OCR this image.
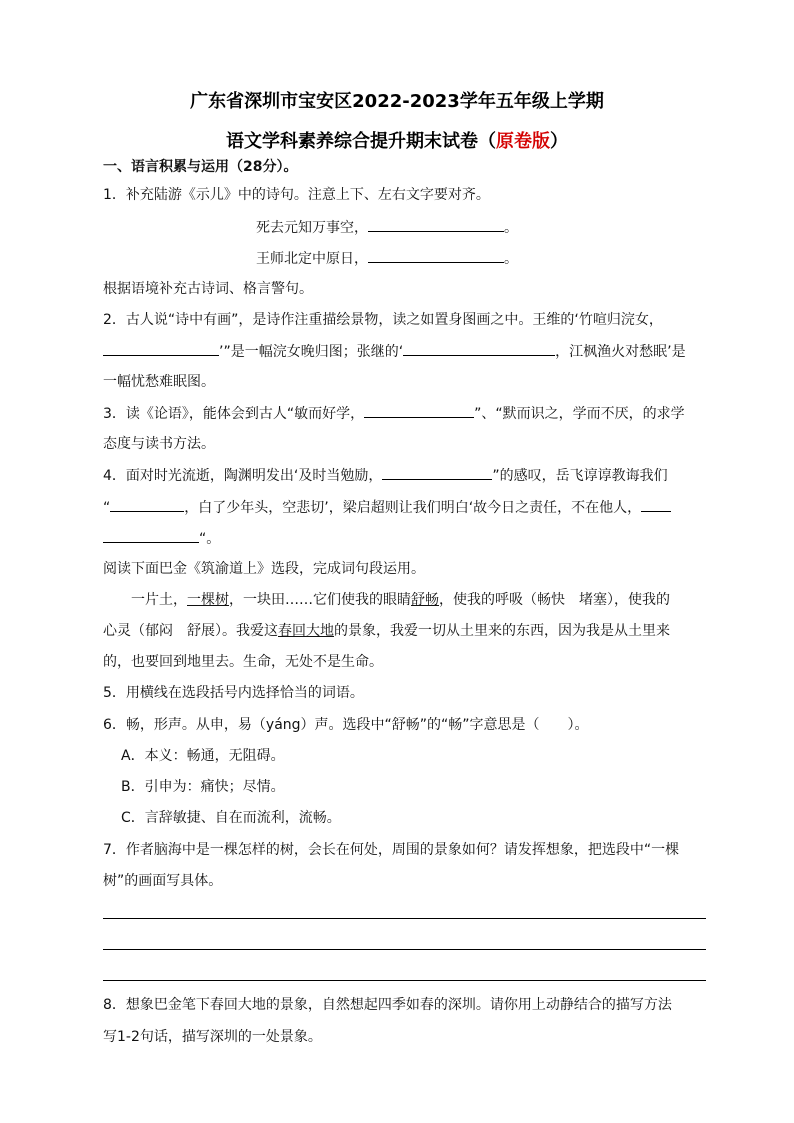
广东省深圳市宝安区2022-2023学年五年级上学期
语文学科素养综合提升期末试卷（原卷版）
一、语言积累与运用（28分）。
1．补充陆游《示儿》中的诗句。注意上下、左右文字要对齐。
死去元知万事空，	。
王师北定中原日，	。
根据语境补充古诗词、格言警句。
2．古人说“诗中有画”，是诗作注重描绘景物，读之如置身图画之中。王维的‘竹喧归浣女，
’”是一幅浣女晚归图；张继的‘	，江枫渔火对愁眠’是
一幅忧愁难眠图。
3．读《论语》，能体会到古人“敏而好学，	”、“默而识之，学而不厌，的求学
态度与读书方法。
4．面对时光流逝，陶渊明发出‘及时当勉励，	”的感叹，岳飞谆谆教诲我们
“	，白了少年头，空悲切’，梁启超则让我们明白‘故今日之责任，不在他人，
“。
阅读下面巴金《筑渝道上》选段，完成词句段运用。
一片土，一棵树，一块田……它们使我的眼睛舒畅，使我的呼吸（畅快　堵塞），使我的
心灵（郁闷　舒展）。我爱这春回大地的景象，我爱一切从土里来的东西，因为我是从土里来
的，也要回到地里去。生命，无处不是生命。
5．用横线在选段括号内选择恰当的词语。
6．畅，形声。从申，易（yáng）声。选段中“舒畅”的“畅”字意思是（　　）。
A．本义：畅通，无阻碍。
B．引申为：痛快；尽情。
C．言辞敏捷、自在而流利，流畅。
7．作者脑海中是一棵怎样的树，会长在何处，周围的景象如何？请发挥想象，把选段中“一棵
树”的画面写具体。
8．想象巴金笔下春回大地的景象，自然想起四季如春的深圳。请你用上动静结合的描写方法
写1-2句话，描写深圳的一处景象。
